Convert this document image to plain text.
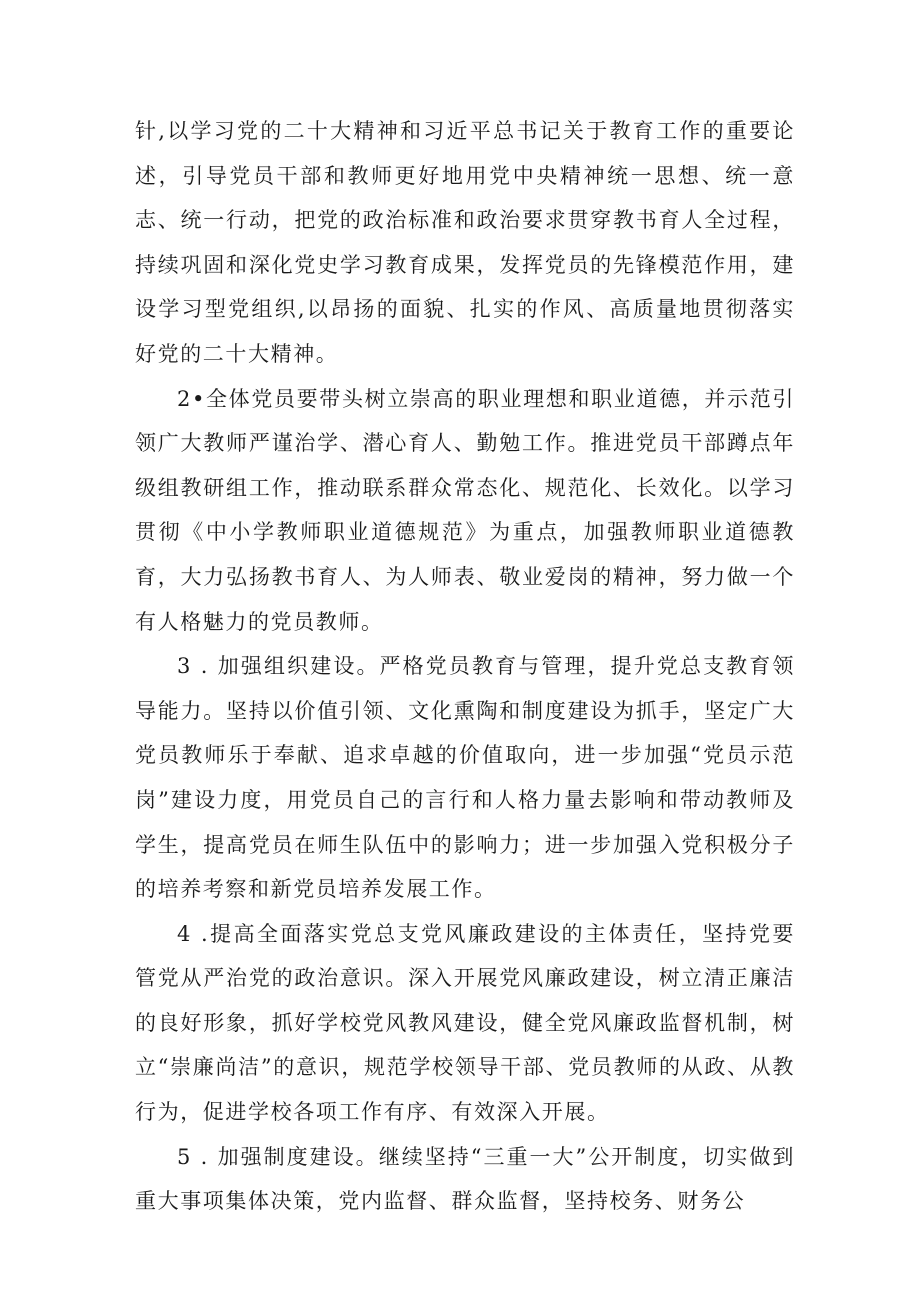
针,以学习党的二十大精神和习近平总书记关于教育工作的重要论述，引导党员干部和教师更好地用党中央精神统一思想、统一意志、统一行动，把党的政治标准和政治要求贯穿教书育人全过程，持续巩固和深化党史学习教育成果，发挥党员的先锋模范作用，建设学习型党组织,以昂扬的面貌、扎实的作风、高质量地贯彻落实好党的二十大精神。

2•全体党员要带头树立崇高的职业理想和职业道德，并示范引领广大教师严谨治学、潜心育人、勤勉工作。推进党员干部蹲点年级组教研组工作，推动联系群众常态化、规范化、长效化。以学习贯彻《中小学教师职业道德规范》为重点，加强教师职业道德教育，大力弘扬教书育人、为人师表、敬业爱岗的精神，努力做一个有人格魅力的党员教师。

3 . 加强组织建设。严格党员教育与管理，提升党总支教育领导能力。坚持以价值引领、文化熏陶和制度建设为抓手，坚定广大党员教师乐于奉献、追求卓越的价值取向，进一步加强“党员示范岗”建设力度，用党员自己的言行和人格力量去影响和带动教师及学生，提高党员在师生队伍中的影响力；进一步加强入党积极分子的培养考察和新党员培养发展工作。

4 .提高全面落实党总支党风廉政建设的主体责任，坚持党要管党从严治党的政治意识。深入开展党风廉政建设，树立清正廉洁的良好形象，抓好学校党风教风建设，健全党风廉政监督机制，树立“崇廉尚洁”的意识，规范学校领导干部、党员教师的从政、从教行为，促进学校各项工作有序、有效深入开展。

5 . 加强制度建设。继续坚持“三重一大”公开制度，切实做到重大事项集体决策，党内监督、群众监督，坚持校务、财务公
